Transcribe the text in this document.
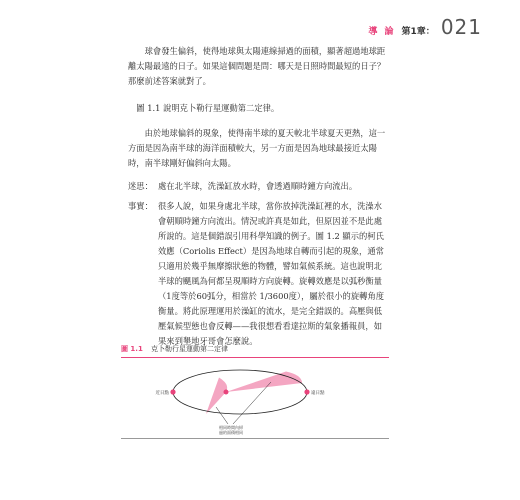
導 論 第1章： 021

球會發生偏斜，使得地球與太陽連線掃過的面積，顯著超過地球距離太陽最遠的日子。如果這個問題是問：哪天是日照時間最短的日子？那麼前述答案就對了。

圖 1.1 說明克卜勒行星運動第二定律。

由於地球偏斜的現象，使得南半球的夏天較北半球夏天更熱，這一方面是因為南半球的海洋面積較大，另一方面是因為地球最接近太陽時，南半球剛好偏斜向太陽。

迷思： 處在北半球，洗澡缸放水時，會透過順時鐘方向流出。
事實： 很多人說，如果身處北半球，當你放掉洗澡缸裡的水，洗澡水會朝順時鐘方向流出。情況或許真是如此，但原因並不是此處所說的。這是個錯誤引用科學知識的例子。圖 1.2 顯示的柯氏效應（Coriolis Effect）是因為地球自轉而引起的現象，通常只適用於幾乎無摩擦狀態的物體，譬如氣候系統。這也說明北半球的颶風為何都呈現順時方向旋轉。旋轉效應是以弧秒衡量（1度等於60弧分，相當於 1/3600度），屬於很小的旋轉角度衡量。將此原理運用於澡缸的流水，是完全錯誤的。高壓與低壓氣候型態也會反轉——我很想看看達拉斯的氣象播報員，如果來到墾地牙哥會怎麼說。
圖 1.1	克卜勒行星運動第二定律
近日點	遠日點
相同時間內掃
過的面積相同
